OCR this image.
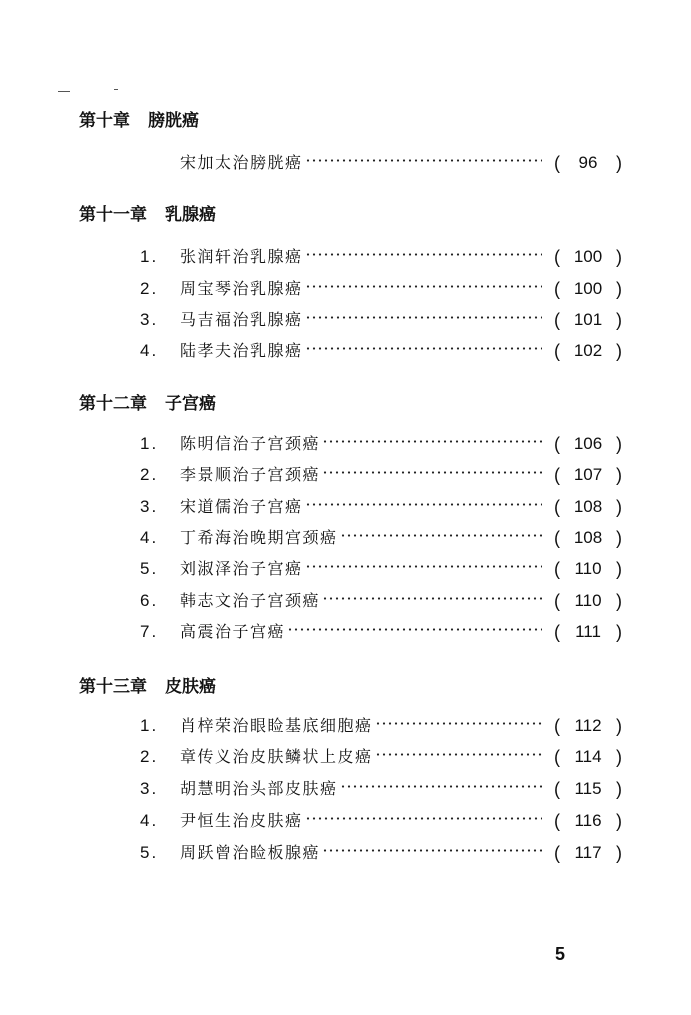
第十章 膀胱癌
宋加太治膀胱癌	(	96	)
第十一章 乳腺癌
1.	张润轩治乳腺癌	( 100 )
2.	周宝琴治乳腺癌	( 100 )
3.	马吉福治乳腺癌	( 101 )
4.	陆孝夫治乳腺癌	( 102 )
第十二章 子宫癌
1.	陈明信治子宫颈癌	( 106 )
2.	李景顺治子宫颈癌	( 107 )
3.	宋道儒治子宫癌	( 108 )
4.	丁希海治晚期宫颈癌	( 108 )
5.	刘淑泽治子宫癌	( 110 )
6.	韩志文治子宫颈癌	( 110 )
7.	高震治子宫癌	( 111 )
第十三章 皮肤癌
1.	肖梓荣治眼睑基底细胞癌	( 112 )
2.	章传义治皮肤鳞状上皮癌	( 114 )
3.	胡慧明治头部皮肤癌	( 115 )
4.	尹恒生治皮肤癌	( 116 )
5.	周跃曾治睑板腺癌	( 117 )
5
